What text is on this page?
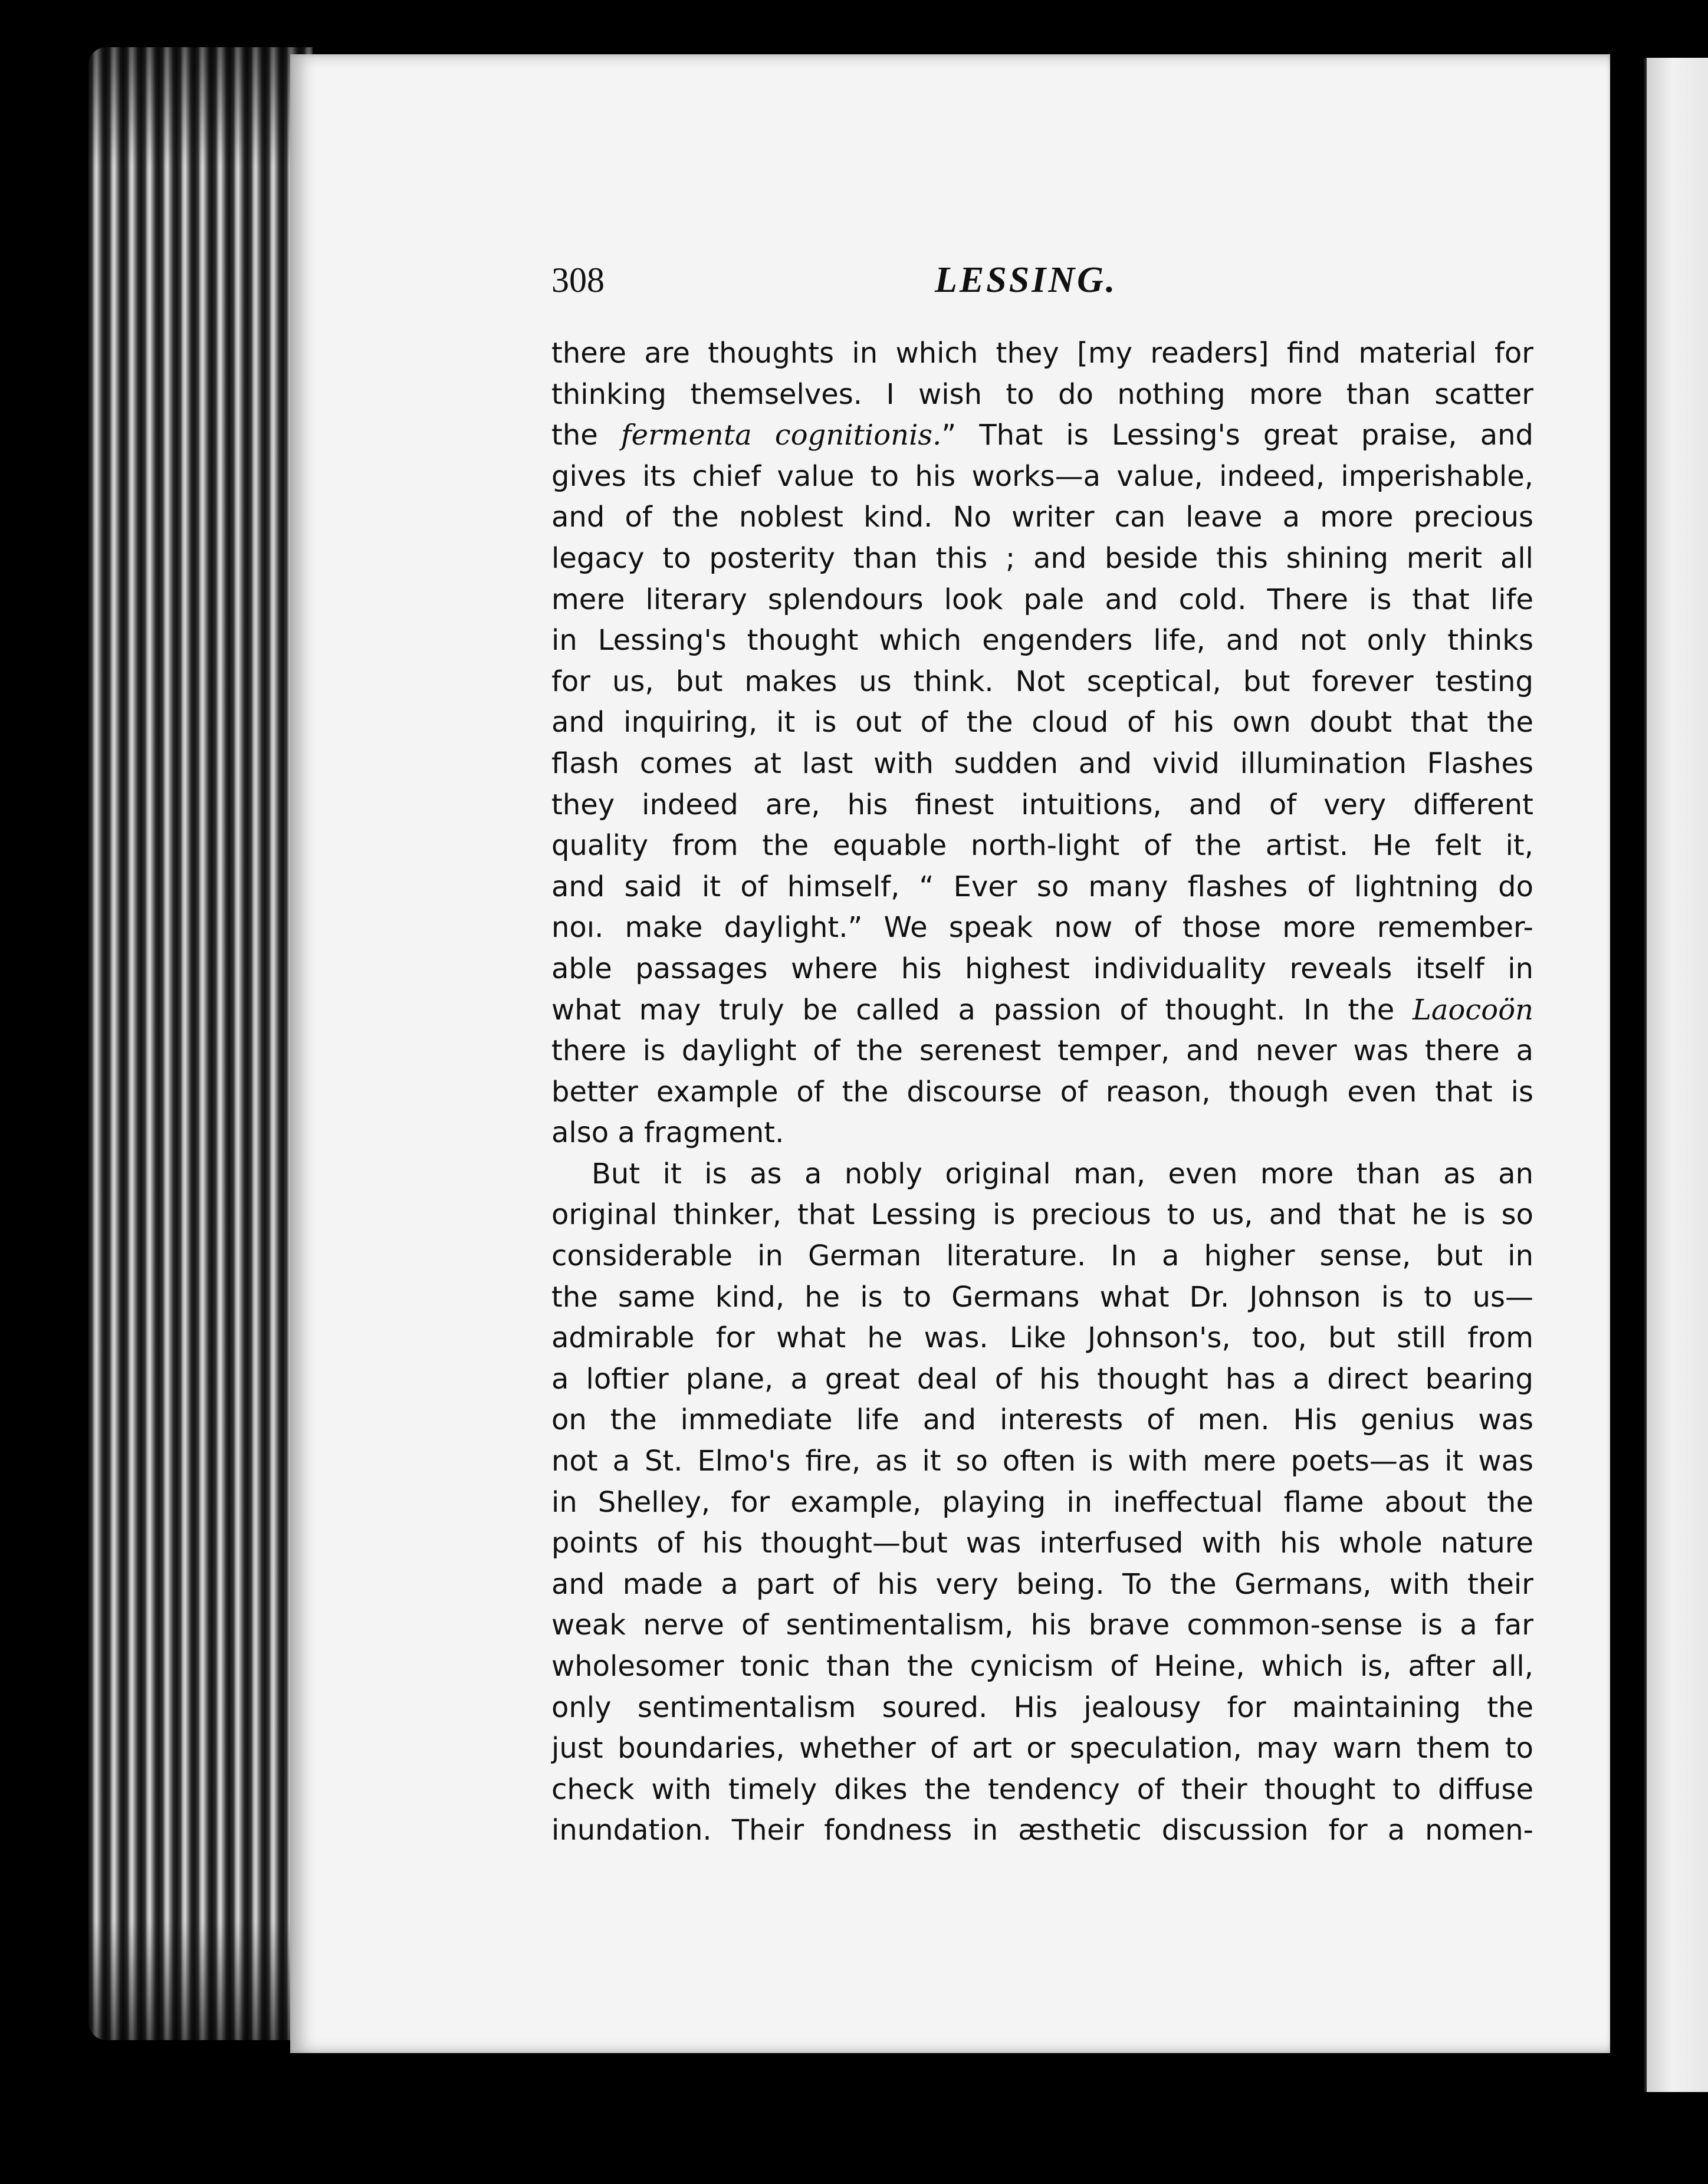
308	LESSING.
there are thoughts in which they [my readers] find material for
thinking themselves. I wish to do nothing more than scatter
the fermenta cognitionis.” That is Lessing's great praise, and
gives its chief value to his works—a value, indeed, imperishable,
and of the noblest kind. No writer can leave a more precious
legacy to posterity than this ; and beside this shining merit all
mere literary splendours look pale and cold. There is that life
in Lessing's thought which engenders life, and not only thinks
for us, but makes us think. Not sceptical, but forever testing
and inquiring, it is out of the cloud of his own doubt that the
flash comes at last with sudden and vivid illumination Flashes
they indeed are, his finest intuitions, and of very different
quality from the equable north-light of the artist. He felt it,
and said it of himself, “ Ever so many flashes of lightning do
noı. make daylight.” We speak now of those more remember-
able passages where his highest individuality reveals itself in
what may truly be called a passion of thought. In the Laocoön
there is daylight of the serenest temper, and never was there a
better example of the discourse of reason, though even that is
also a fragment.
But it is as a nobly original man, even more than as an
original thinker, that Lessing is precious to us, and that he is so
considerable in German literature. In a higher sense, but in
the same kind, he is to Germans what Dr. Johnson is to us—
admirable for what he was. Like Johnson's, too, but still from
a loftier plane, a great deal of his thought has a direct bearing
on the immediate life and interests of men. His genius was
not a St. Elmo's fire, as it so often is with mere poets—as it was
in Shelley, for example, playing in ineffectual flame about the
points of his thought—but was interfused with his whole nature
and made a part of his very being. To the Germans, with their
weak nerve of sentimentalism, his brave common-sense is a far
wholesomer tonic than the cynicism of Heine, which is, after all,
only sentimentalism soured. His jealousy for maintaining the
just boundaries, whether of art or speculation, may warn them to
check with timely dikes the tendency of their thought to diffuse
inundation. Their fondness in æsthetic discussion for a nomen-
